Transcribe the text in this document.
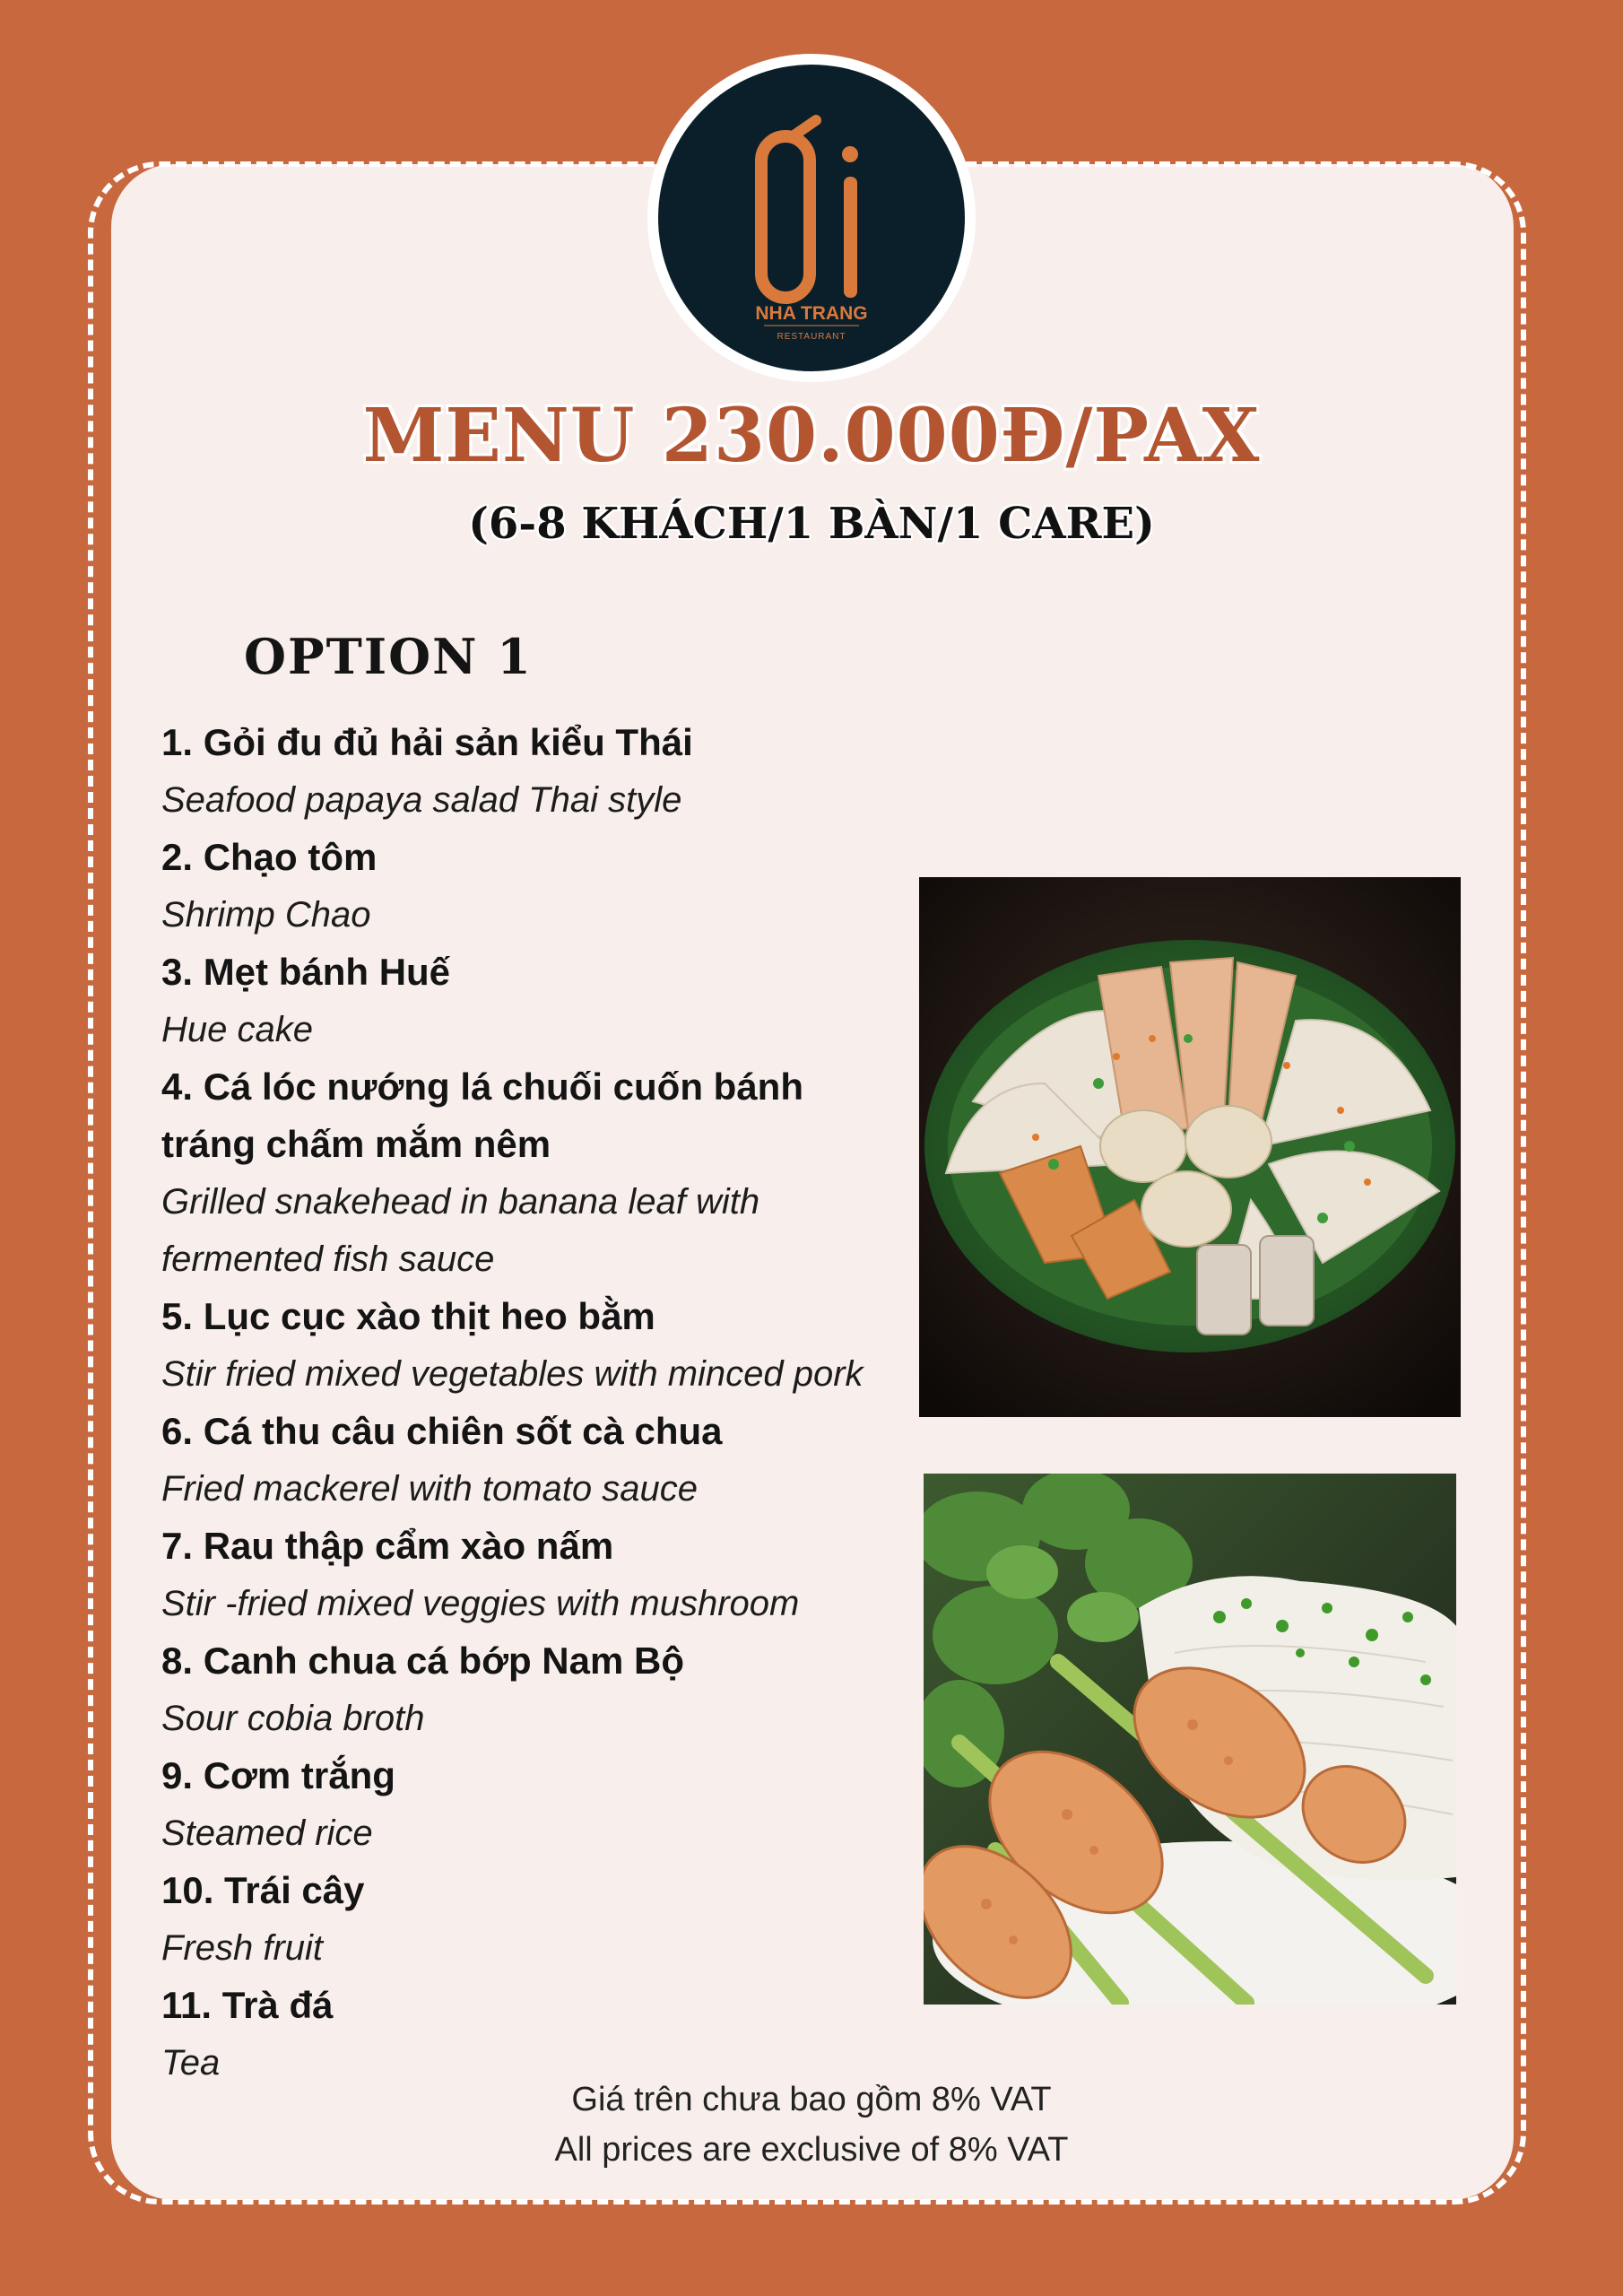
NHA TRANG
RESTAURANT
MENU 230.000Đ/PAX
(6-8 KHÁCH/1 BÀN/1 CARE)
OPTION 1
1. Gỏi đu đủ hải sản kiểu Thái
Seafood papaya salad Thai style
2. Chạo tôm
Shrimp Chao
3. Mẹt bánh Huế
Hue cake
4. Cá lóc nướng lá chuối cuốn bánh tráng chấm mắm nêm
Grilled snakehead in banana leaf with fermented fish sauce
5. Lục cục xào thịt heo bằm
Stir fried mixed vegetables with minced pork
6. Cá thu câu chiên sốt cà chua
Fried mackerel with tomato sauce
7. Rau thập cẩm xào nấm
Stir -fried mixed veggies with mushroom
8. Canh chua cá bớp Nam Bộ
Sour cobia broth
9. Cơm trắng
Steamed rice
10. Trái cây
Fresh fruit
11. Trà đá
Tea
Giá trên chưa bao gồm 8% VAT
All prices are exclusive of 8% VAT
